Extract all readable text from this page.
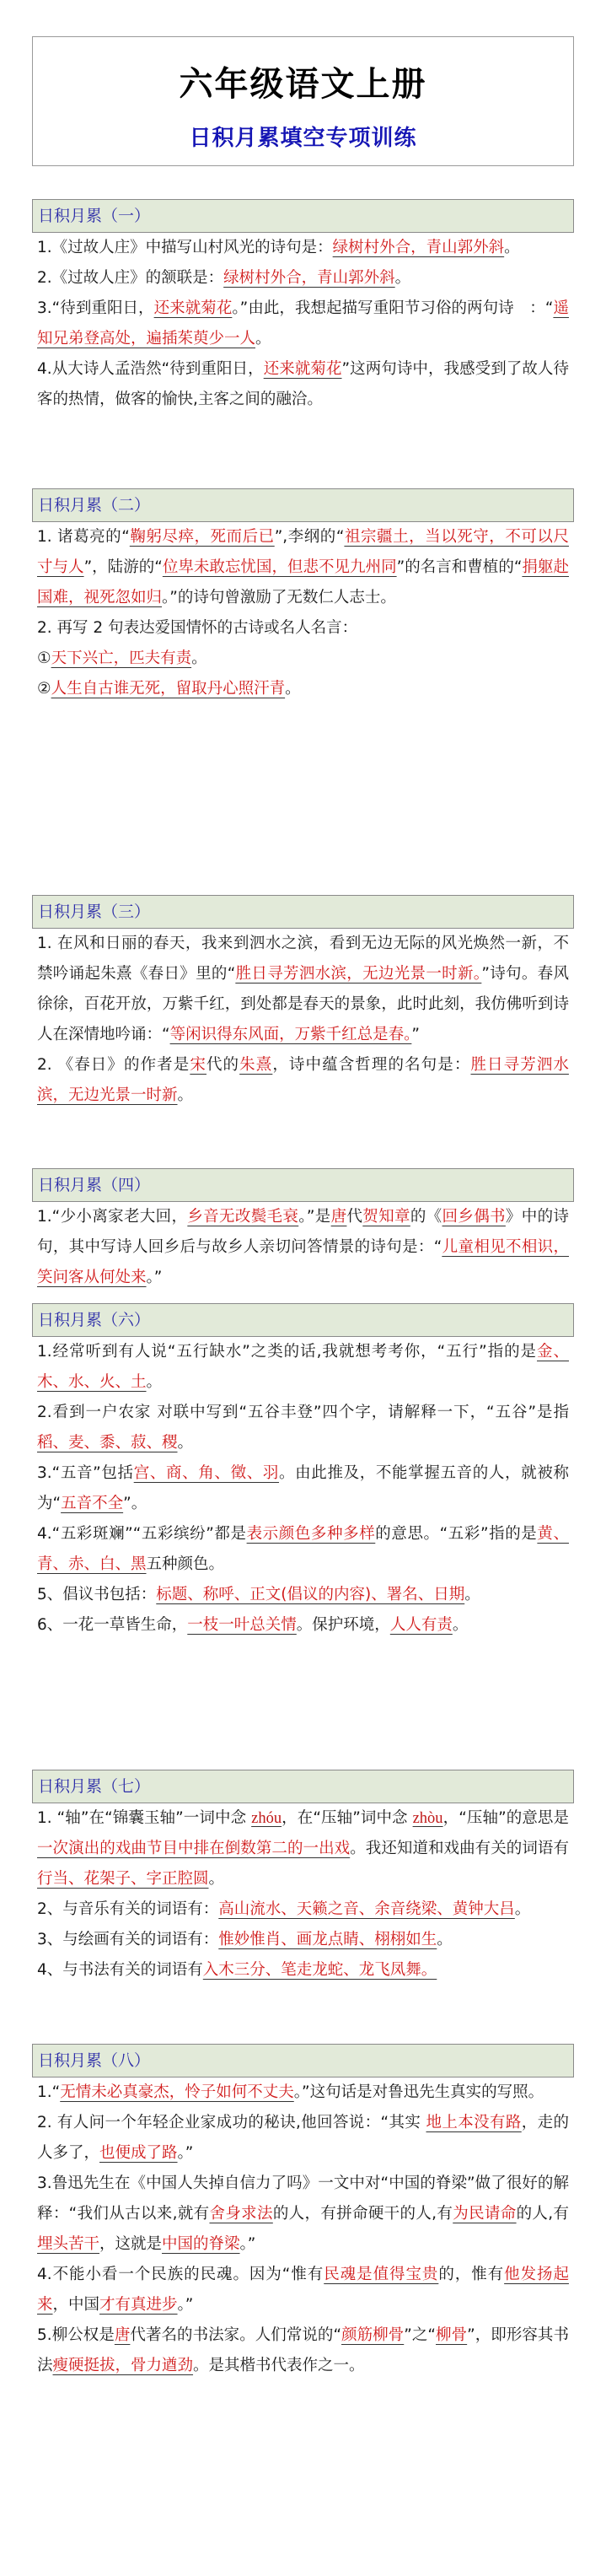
六年级语文上册
日积月累填空专项训练
日积月累（一）
1.《过故人庄》中描写山村风光的诗句是：绿树村外合，青山郭外斜。
2.《过故人庄》的颔联是：绿树村外合，青山郭外斜。
3.“待到重阳日，还来就菊花。”由此，我想起描写重阳节习俗的两句诗　：“遥知兄弟登高处，遍插茱萸少一人。
4.从大诗人孟浩然“待到重阳日，还来就菊花”这两句诗中，我感受到了故人待客的热情，做客的愉快,主客之间的融洽。
日积月累（二）
1. 诸葛亮的“鞠躬尽瘁，死而后已”,李纲的“祖宗疆土，当以死守，不可以尺寸与人”，陆游的“位卑未敢忘忧国，但悲不见九州同”的名言和曹植的“捐躯赴国难，视死忽如归。”的诗句曾激励了无数仁人志士。
2. 再写 2 句表达爱国情怀的古诗或名人名言：
①天下兴亡，匹夫有责。
②人生自古谁无死，留取丹心照汗青。
日积月累（三）
1. 在风和日丽的春天，我来到泗水之滨，看到无边无际的风光焕然一新，不禁吟诵起朱熹《春日》里的“胜日寻芳泗水滨，无边光景一时新。”诗句。春风徐徐，百花开放，万紫千红，到处都是春天的景象，此时此刻，我仿佛听到诗人在深情地吟诵：“等闲识得东风面，万紫千红总是春。”
2. 《春日》的作者是宋代的朱熹，诗中蕴含哲理的名句是：胜日寻芳泗水滨，无边光景一时新。
日积月累（四）
1.“少小离家老大回，乡音无改鬓毛衰。”是唐代贺知章的《回乡偶书》中的诗句，其中写诗人回乡后与故乡人亲切问答情景的诗句是：“儿童相见不相识，笑问客从何处来。”
日积月累（六）
1.经常听到有人说“五行缺水”之类的话,我就想考考你，“五行”指的是金、木、水、火、土。
2.看到一户农家 对联中写到“五谷丰登”四个字，请解释一下，“五谷”是指稻、麦、黍、菽、稷。
3.“五音”包括宫、商、角、徵、羽。由此推及，不能掌握五音的人，就被称为“五音不全”。
4.“五彩斑斓”“五彩缤纷”都是表示颜色多种多样的意思。“五彩”指的是黄、青、赤、白、黑五种颜色。
5、倡议书包括：标题、称呼、正文(倡议的内容)、署名、日期。
6、一花一草皆生命，一枝一叶总关情。保护环境，人人有责。
日积月累（七）
1. “轴”在“锦囊玉轴”一词中念 zhóu，在“压轴”词中念 zhòu，“压轴”的意思是一次演出的戏曲节目中排在倒数第二的一出戏。我还知道和戏曲有关的词语有行当、花架子、字正腔圆。
2、与音乐有关的词语有：高山流水、天籁之音、余音绕梁、黄钟大吕。
3、与绘画有关的词语有：惟妙惟肖、画龙点睛、栩栩如生。
4、与书法有关的词语有入木三分、笔走龙蛇、龙飞凤舞。
日积月累（八）
1.“无情未必真豪杰，怜子如何不丈夫。”这句话是对鲁迅先生真实的写照。
2. 有人问一个年轻企业家成功的秘诀,他回答说：“其实 地上本没有路，走的人多了，也便成了路。”
3.鲁迅先生在《中国人失掉自信力了吗》一文中对“中国的脊梁”做了很好的解释：“我们从古以来,就有舍身求法的人，有拼命硬干的人,有为民请命的人,有埋头苦干，这就是中国的脊梁。”
4.不能小看一个民族的民魂。因为“惟有民魂是值得宝贵的，惟有他发扬起来，中国才有真进步。”
5.柳公权是唐代著名的书法家。人们常说的“颜筋柳骨”之“柳骨”，即形容其书法瘦硬挺拔，骨力遒劲。是其楷书代表作之一。
